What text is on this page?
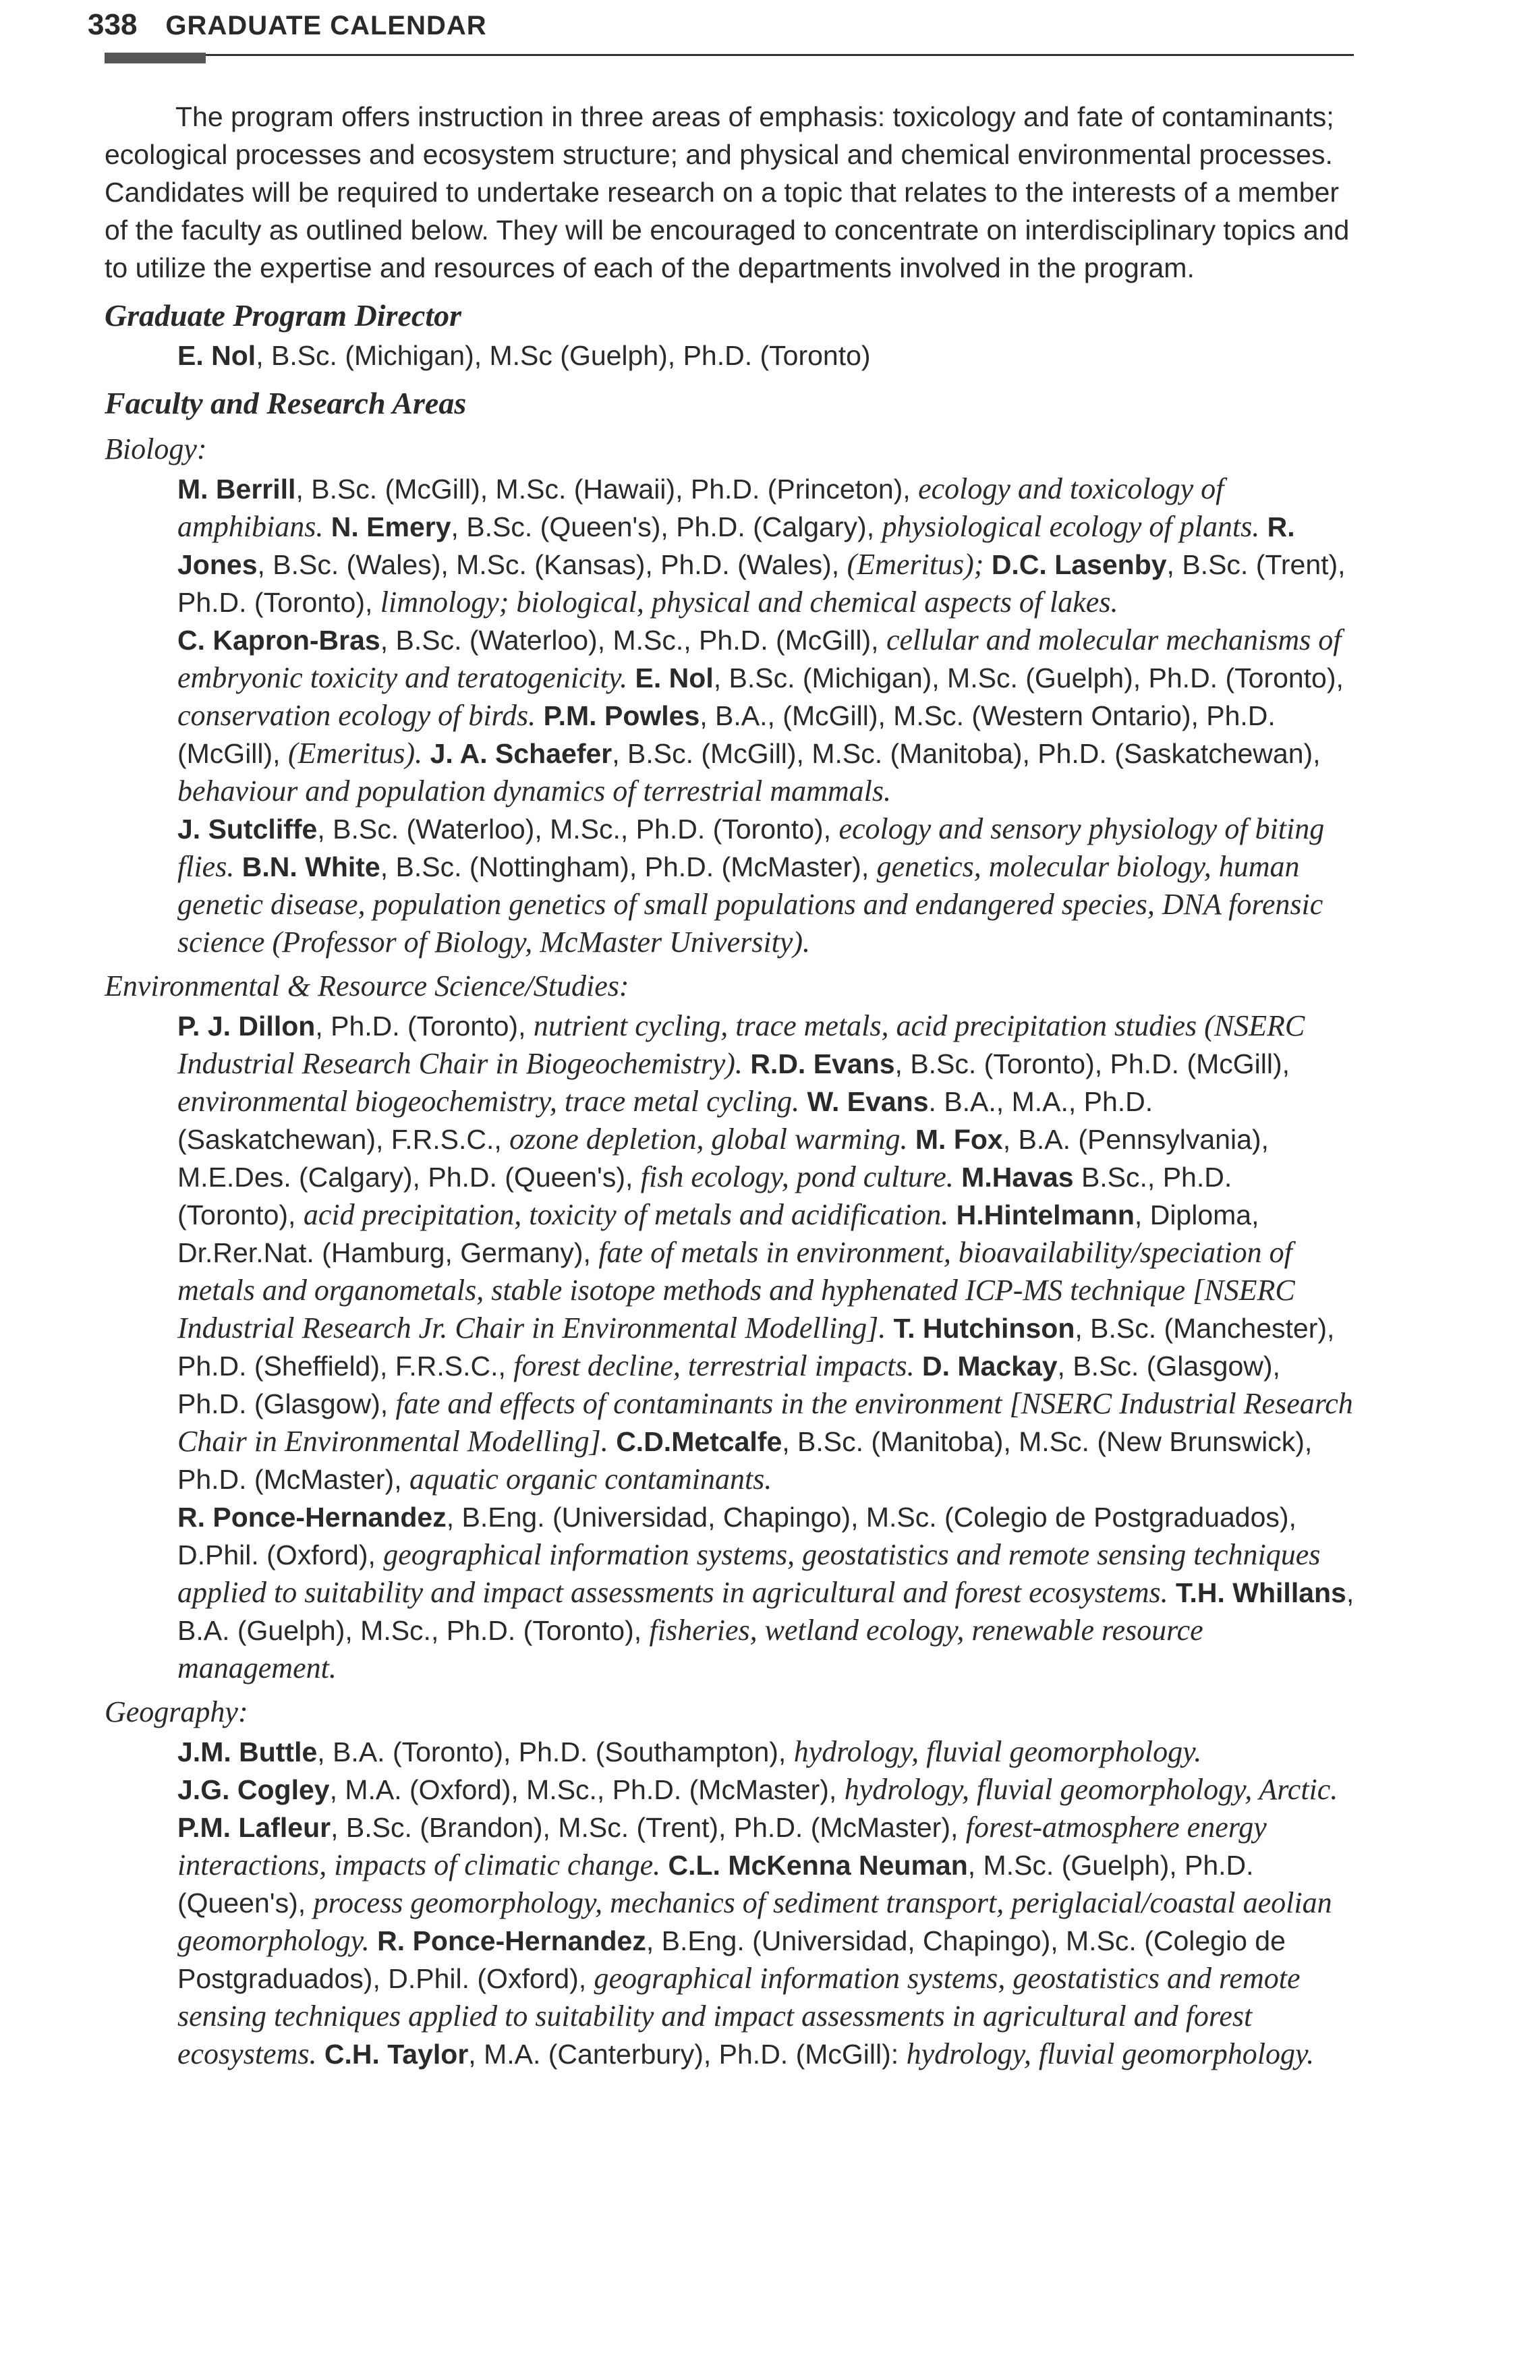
338 GRADUATE CALENDAR

The program offers instruction in three areas of emphasis: toxicology and fate of contaminants; ecological processes and ecosystem structure; and physical and chemical environmental processes. Candidates will be required to undertake research on a topic that relates to the interests of a member of the faculty as outlined below. They will be encouraged to concentrate on interdisciplinary topics and to utilize the expertise and resources of each of the departments involved in the program.

Graduate Program Director

E. Nol, B.Sc. (Michigan), M.Sc (Guelph), Ph.D. (Toronto)

Faculty and Research Areas

Biology:

M. Berrill, B.Sc. (McGill), M.Sc. (Hawaii), Ph.D. (Princeton), ecology and toxicology of amphibians. N. Emery, B.Sc. (Queen's), Ph.D. (Calgary), physiological ecology of plants. R. Jones, B.Sc. (Wales), M.Sc. (Kansas), Ph.D. (Wales), (Emeritus); D.C. Lasenby, B.Sc. (Trent), Ph.D. (Toronto), limnology; biological, physical and chemical aspects of lakes.

C. Kapron-Bras, B.Sc. (Waterloo), M.Sc., Ph.D. (McGill), cellular and molecular mechanisms of embryonic toxicity and teratogenicity. E. Nol, B.Sc. (Michigan), M.Sc. (Guelph), Ph.D. (Toronto), conservation ecology of birds. P.M. Powles, B.A., (McGill), M.Sc. (Western Ontario), Ph.D. (McGill), (Emeritus). J. A. Schaefer, B.Sc. (McGill), M.Sc. (Manitoba), Ph.D. (Saskatchewan), behaviour and population dynamics of terrestrial mammals.

J. Sutcliffe, B.Sc. (Waterloo), M.Sc., Ph.D. (Toronto), ecology and sensory physiology of biting flies. B.N. White, B.Sc. (Nottingham), Ph.D. (McMaster), genetics, molecular biology, human genetic disease, population genetics of small populations and endangered species, DNA forensic science (Professor of Biology, McMaster University).

Environmental & Resource Science/Studies:

P. J. Dillon, Ph.D. (Toronto), nutrient cycling, trace metals, acid precipitation studies (NSERC Industrial Research Chair in Biogeochemistry). R.D. Evans, B.Sc. (Toronto), Ph.D. (McGill), environmental biogeochemistry, trace metal cycling. W. Evans. B.A., M.A., Ph.D. (Saskatchewan), F.R.S.C., ozone depletion, global warming. M. Fox, B.A. (Pennsylvania), M.E.Des. (Calgary), Ph.D. (Queen's), fish ecology, pond culture. M.Havas B.Sc., Ph.D. (Toronto), acid precipitation, toxicity of metals and acidification. H.Hintelmann, Diploma, Dr.Rer.Nat. (Hamburg, Germany), fate of metals in environment, bioavailability/speciation of metals and organometals, stable isotope methods and hyphenated ICP-MS technique [NSERC Industrial Research Jr. Chair in Environmental Modelling]. T. Hutchinson, B.Sc. (Manchester), Ph.D. (Sheffield), F.R.S.C., forest decline, terrestrial impacts. D. Mackay, B.Sc. (Glasgow), Ph.D. (Glasgow), fate and effects of contaminants in the environment [NSERC Industrial Research Chair in Environmental Modelling]. C.D.Metcalfe, B.Sc. (Manitoba), M.Sc. (New Brunswick), Ph.D. (McMaster), aquatic organic contaminants.

R. Ponce-Hernandez, B.Eng. (Universidad, Chapingo), M.Sc. (Colegio de Postgraduados), D.Phil. (Oxford), geographical information systems, geostatistics and remote sensing techniques applied to suitability and impact assessments in agricultural and forest ecosystems. T.H. Whillans, B.A. (Guelph), M.Sc., Ph.D. (Toronto), fisheries, wetland ecology, renewable resource management.

Geography:

J.M. Buttle, B.A. (Toronto), Ph.D. (Southampton), hydrology, fluvial geomorphology.

J.G. Cogley, M.A. (Oxford), M.Sc., Ph.D. (McMaster), hydrology, fluvial geomorphology, Arctic. P.M. Lafleur, B.Sc. (Brandon), M.Sc. (Trent), Ph.D. (McMaster), forest-atmosphere energy interactions, impacts of climatic change. C.L. McKenna Neuman, M.Sc. (Guelph), Ph.D. (Queen's), process geomorphology, mechanics of sediment transport, periglacial/coastal aeolian geomorphology. R. Ponce-Hernandez, B.Eng. (Universidad, Chapingo), M.Sc. (Colegio de Postgraduados), D.Phil. (Oxford), geographical information systems, geostatistics and remote sensing techniques applied to suitability and impact assessments in agricultural and forest ecosystems. C.H. Taylor, M.A. (Canterbury), Ph.D. (McGill): hydrology, fluvial geomorphology.
